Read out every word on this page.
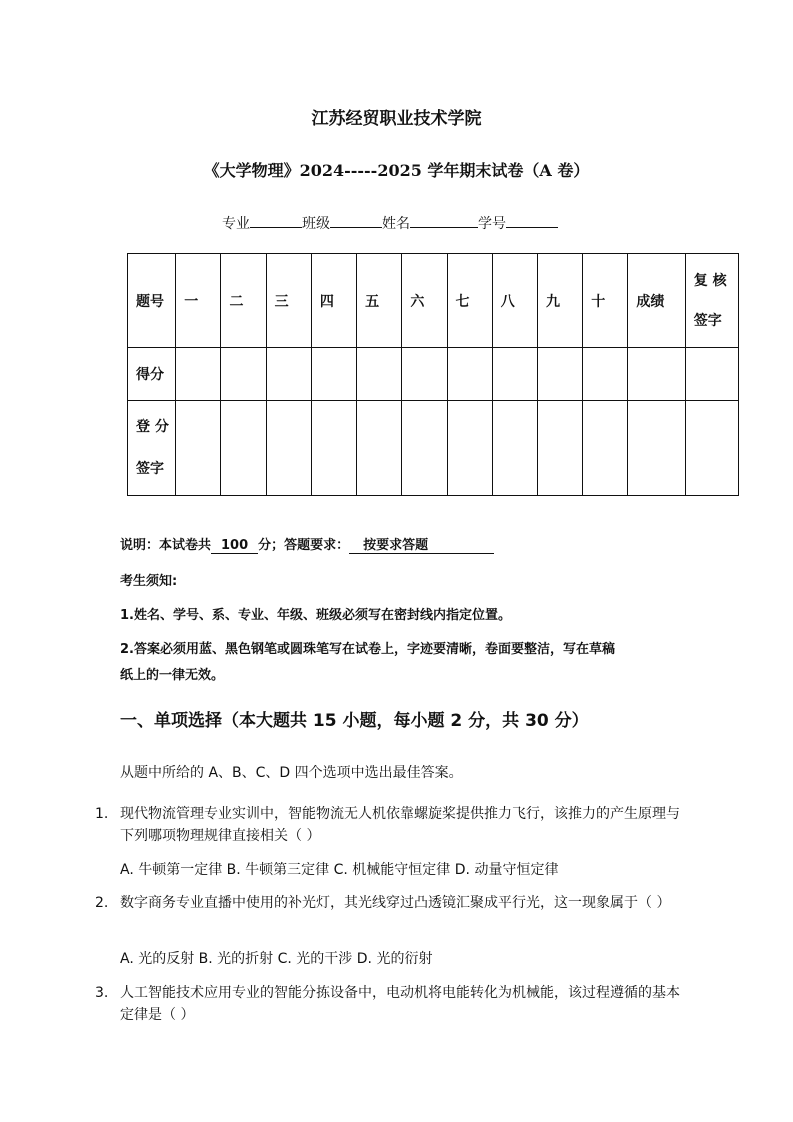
江苏经贸职业技术学院
《大学物理》2024-----2025 学年期末试卷（A 卷）
专业	班级	姓名	学号
题号	一	二	三	四	五	六	七	八	九	十	成绩	复 核
签字

得分												

登 分
签字												

说明：本试卷共 100 分；答题要求： 按要求答题
考生须知:
1.姓名、学号、系、专业、年级、班级必须写在密封线内指定位置。
2.答案必须用蓝、黑色钢笔或圆珠笔写在试卷上，字迹要清晰，卷面要整洁，写在草稿
纸上的一律无效。
一、单项选择（本大题共 15 小题，每小题 2 分，共 30 分）
从题中所给的 A、B、C、D 四个选项中选出最佳答案。
1. 现代物流管理专业实训中，智能物流无人机依靠螺旋桨提供推力飞行，该推力的产生原理与下列哪项物理规律直接相关（ ）
A. 牛顿第一定律 B. 牛顿第三定律 C. 机械能守恒定律 D. 动量守恒定律
2. 数字商务专业直播中使用的补光灯，其光线穿过凸透镜汇聚成平行光，这一现象属于（ ）
A. 光的反射 B. 光的折射 C. 光的干涉 D. 光的衍射
3. 人工智能技术应用专业的智能分拣设备中，电动机将电能转化为机械能，该过程遵循的基本定律是（ ）
